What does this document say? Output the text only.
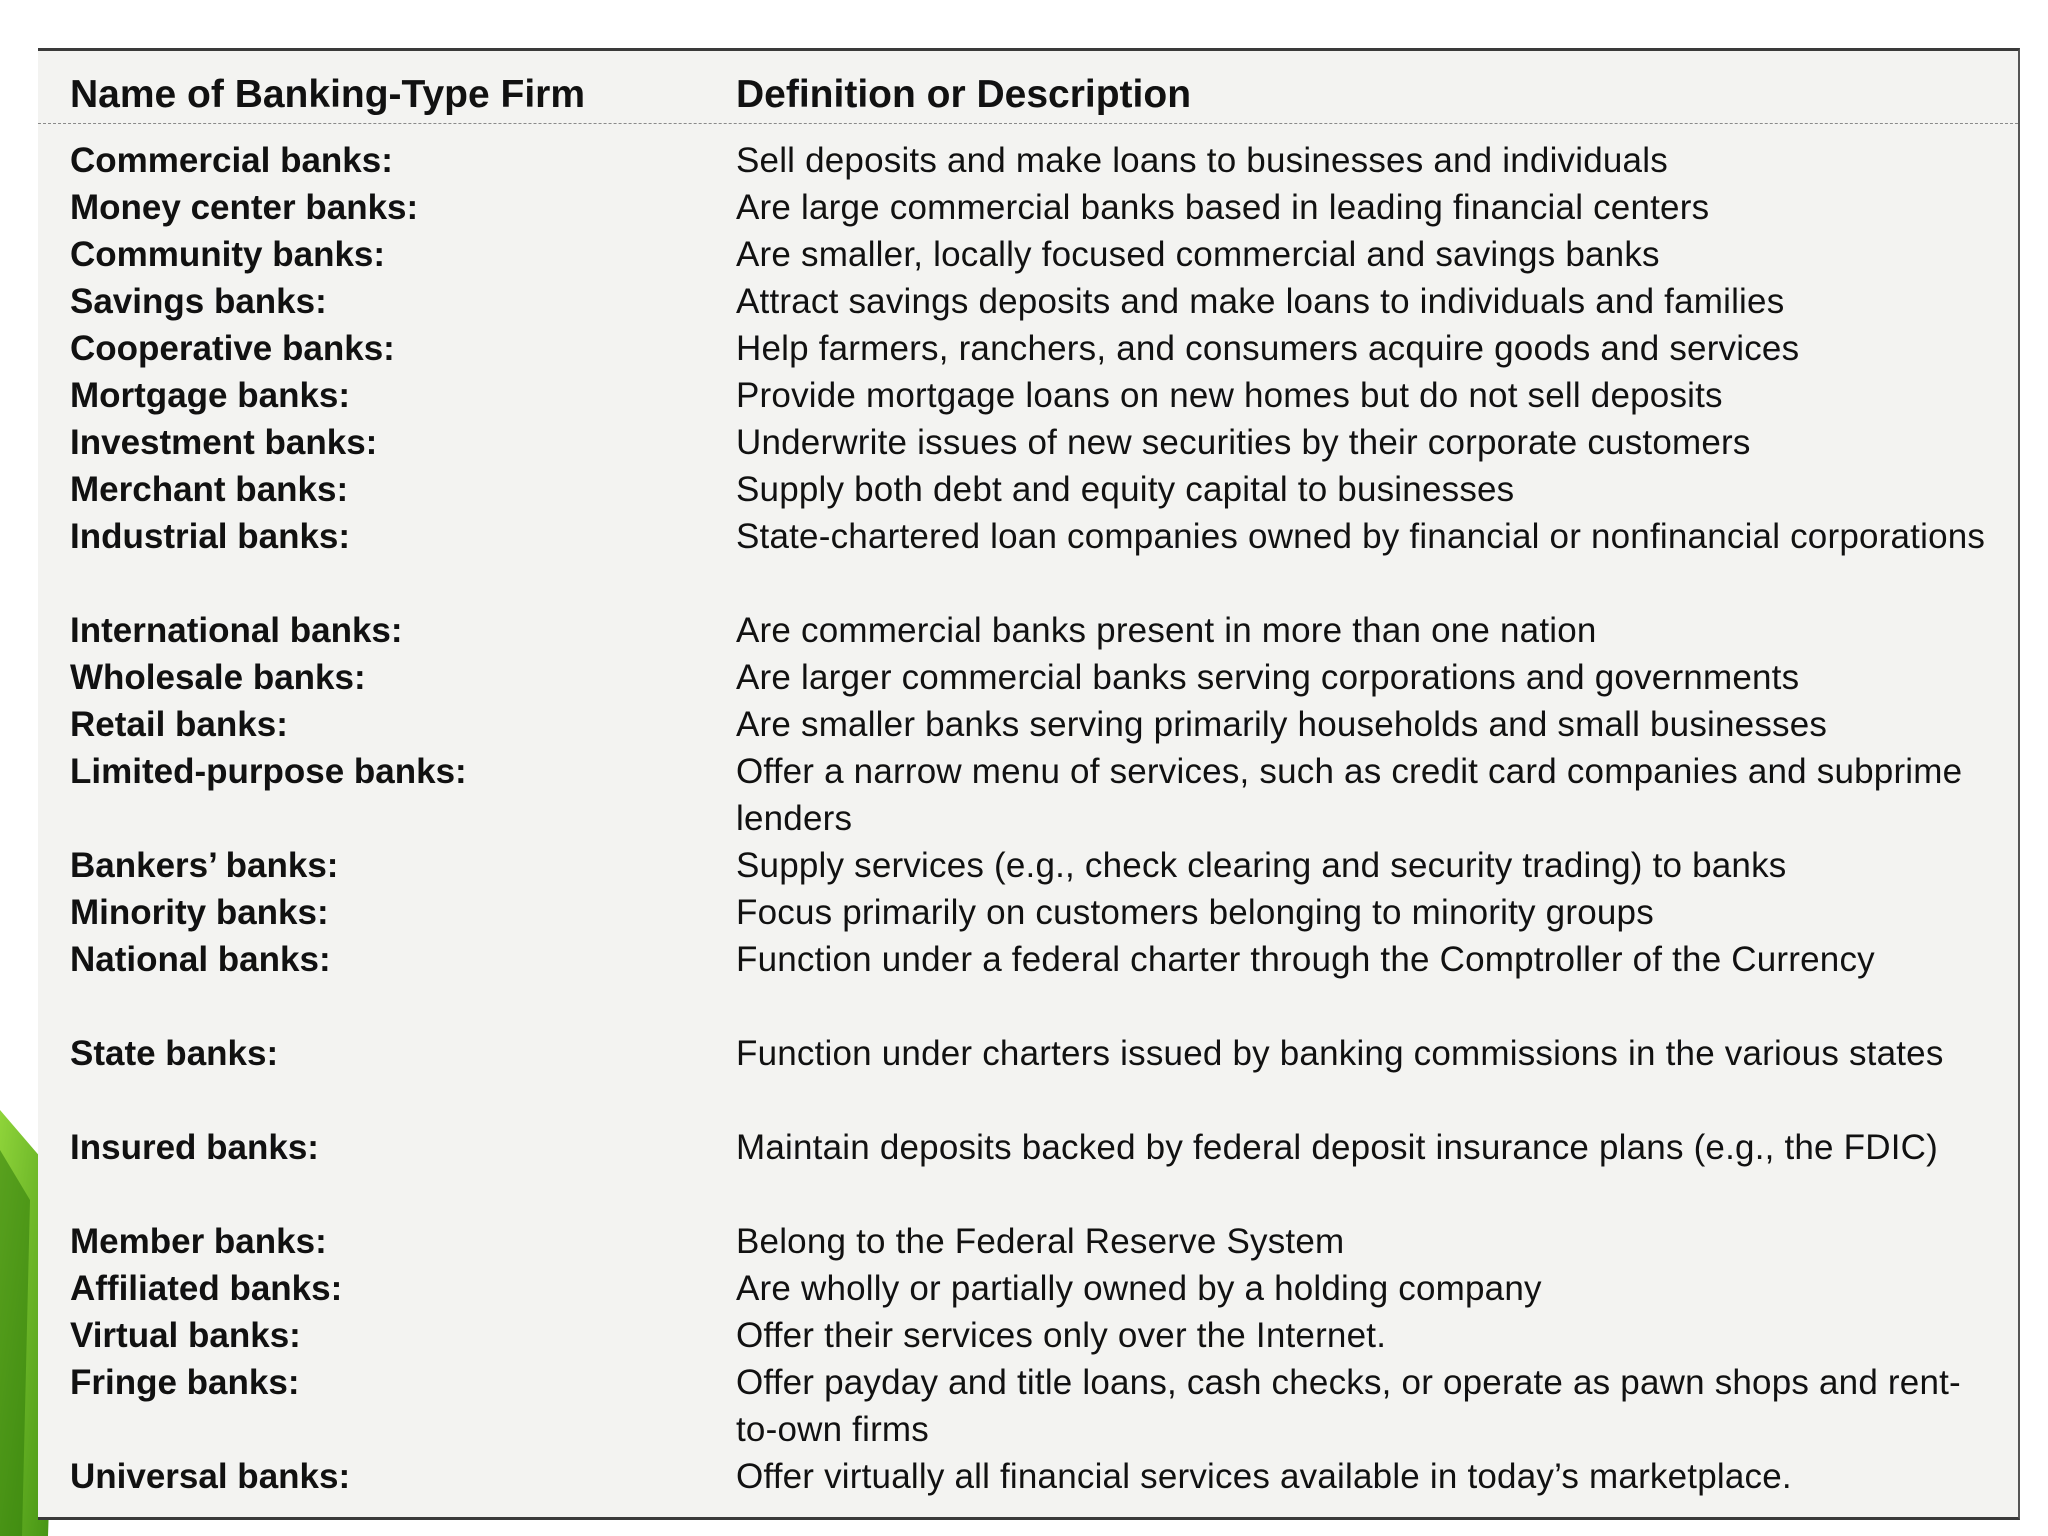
Name of Banking-Type Firm	Definition or Description
Commercial banks:	Sell deposits and make loans to businesses and individuals
Money center banks:	Are large commercial banks based in leading financial centers
Community banks:	Are smaller, locally focused commercial and savings banks
Savings banks:	Attract savings deposits and make loans to individuals and families
Cooperative banks:	Help farmers, ranchers, and consumers acquire goods and services
Mortgage banks:	Provide mortgage loans on new homes but do not sell deposits
Investment banks:	Underwrite issues of new securities by their corporate customers
Merchant banks:	Supply both debt and equity capital to businesses
Industrial banks:	State-chartered loan companies owned by financial or nonfinancial corporations
International banks:	Are commercial banks present in more than one nation
Wholesale banks:	Are larger commercial banks serving corporations and governments
Retail banks:	Are smaller banks serving primarily households and small businesses
Limited-purpose banks:	Offer a narrow menu of services, such as credit card companies and subprime lenders
Bankers’ banks:	Supply services (e.g., check clearing and security trading) to banks
Minority banks:	Focus primarily on customers belonging to minority groups
National banks:	Function under a federal charter through the Comptroller of the Currency
State banks:	Function under charters issued by banking commissions in the various states
Insured banks:	Maintain deposits backed by federal deposit insurance plans (e.g., the FDIC)
Member banks:	Belong to the Federal Reserve System
Affiliated banks:	Are wholly or partially owned by a holding company
Virtual banks:	Offer their services only over the Internet.
Fringe banks:	Offer payday and title loans, cash checks, or operate as pawn shops and rent-to-own firms
Universal banks:	Offer virtually all financial services available in today’s marketplace.
